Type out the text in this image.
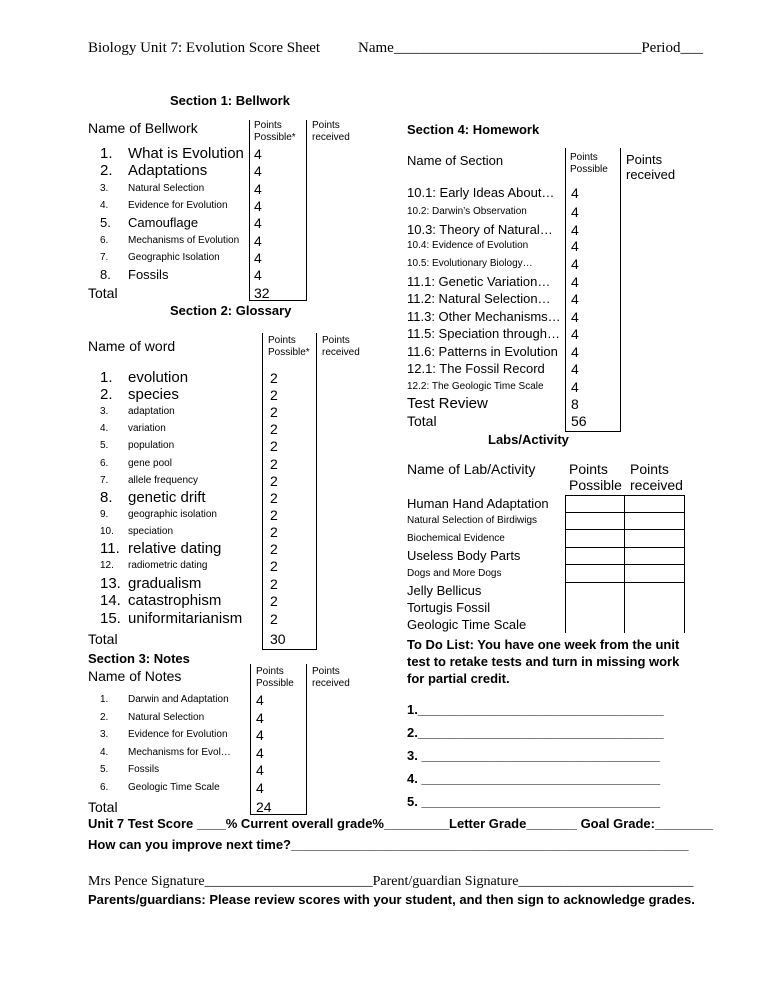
Biology Unit 7: Evolution Score Sheet	Name_________________________________Period___
Section 1: Bellwork
Name of Bellwork	Points Possible*
Points received
1. What is Evolution 4
2. Adaptations	4
3. Natural Selection	4
4. Evidence for Evolution 4
5. Camouflage	4
6. Mechanisms of Evolution 4
7. Geographic Isolation 4
8. Fossils	4
Total	32
Section 2: Glossary
Name of word	Points Possible*
Points received
1. evolution	2
2. species	2
3. adaptation	2
4. variation	2
5. population	2
6. gene pool	2
7. allele frequency	2
8. genetic drift	2
9. geographic isolation	2
10. speciation	2
11. relative dating	2
12. radiometric dating	2
13. gradualism	2
14. catastrophism	2
15. uniformitarianism 2
Total	30
Section 3: Notes
Name of Notes	Points Possible
Points received
1. Darwin and Adaptation 4
2. Natural Selection	4
3. Evidence for Evolution 4
4. Mechanisms for Evol… 4
5. Fossils	4
6. Geologic Time Scale	4
Total	24
Section 4: Homework
Name of Section	Points Possible
Points received
10.1: Early Ideas About… 4
10.2: Darwin’s Observation	4
10.3: Theory of Natural… 4
10.4: Evidence of Evolution	4
10.5: Evolutionary Biology…	4
11.1: Genetic Variation… 4
11.2: Natural Selection… 4
11.3: Other Mechanisms… 4
11.5: Speciation through… 4
11.6: Patterns in Evolution 4
12.1: The Fossil Record 4
12.2: The Geologic Time Scale 4
Test Review	8
Total	56
Labs/Activity
Name of Lab/Activity Points Possible
Points received
Human Hand Adaptation
Natural Selection of Birdiwigs
Biochemical Evidence
Useless Body Parts
Dogs and More Dogs
Jelly Bellicus
Tortugis Fossil
Geologic Time Scale
To Do List: You have one week from the unit test to retake tests and turn in missing work for partial credit.
1.__________________________________
2.__________________________________
3. _________________________________
4. _________________________________
5. _________________________________
Unit 7 Test Score ____% Current overall grade%_________Letter Grade_______ Goal Grade:________
How can you improve next time?_______________________________________________________
Mrs Pence Signature________________________Parent/guardian Signature_________________________
Parents/guardians: Please review scores with your student, and then sign to acknowledge grades.
